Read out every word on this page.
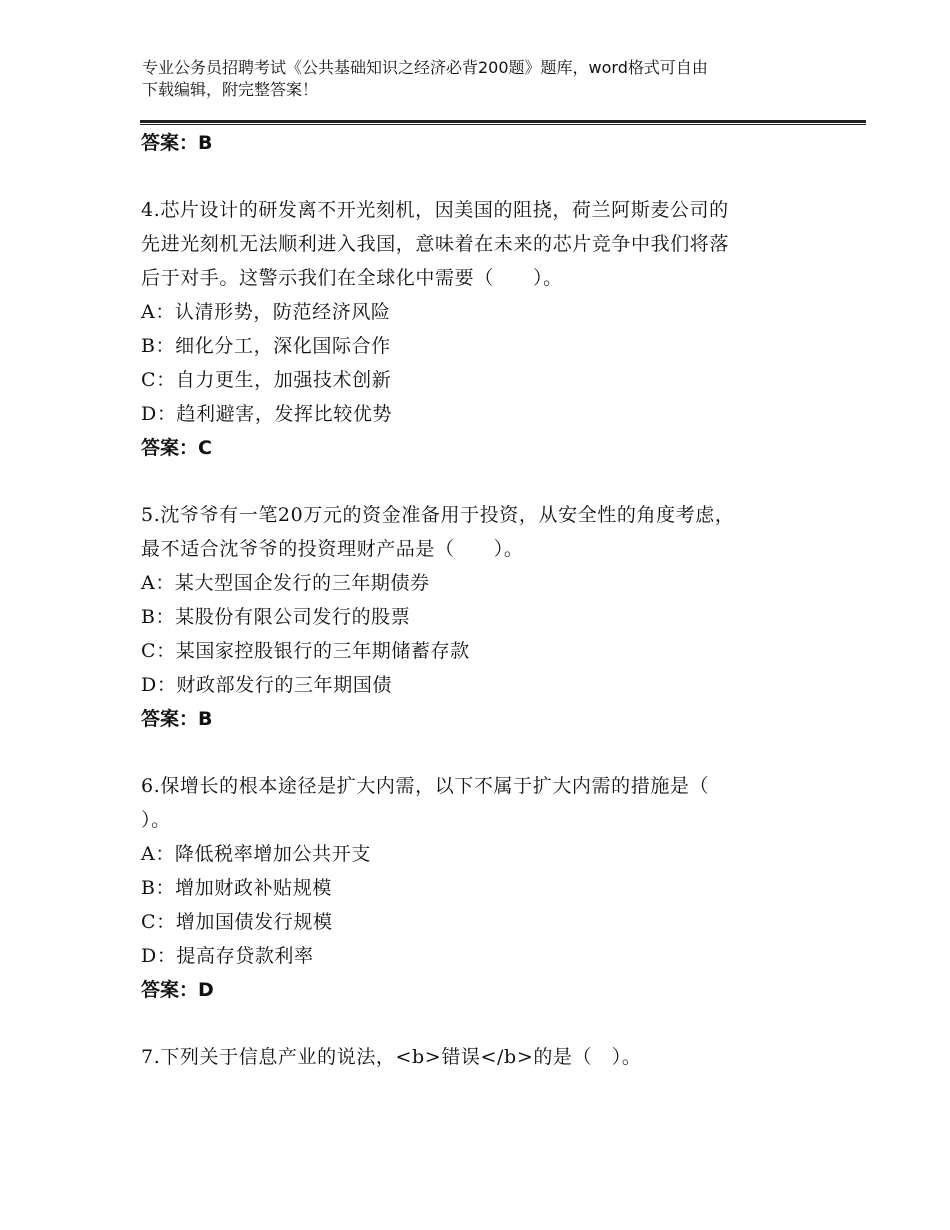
专业公务员招聘考试《公共基础知识之经济必背200题》题库，word格式可自由
下载编辑，附完整答案！
答案：B
4.芯片设计的研发离不开光刻机，因美国的阻挠，荷兰阿斯麦公司的
先进光刻机无法顺利进入我国，意味着在未来的芯片竞争中我们将落
后于对手。这警示我们在全球化中需要（　　）。
A：认清形势，防范经济风险
B：细化分工，深化国际合作
C：自力更生，加强技术创新
D：趋利避害，发挥比较优势
答案：C
5.沈爷爷有一笔20万元的资金准备用于投资，从安全性的角度考虑，
最不适合沈爷爷的投资理财产品是（　　）。
A：某大型国企发行的三年期债券
B：某股份有限公司发行的股票
C：某国家控股银行的三年期储蓄存款
D：财政部发行的三年期国债
答案：B
6.保增长的根本途径是扩大内需，以下不属于扩大内需的措施是（
）。
A：降低税率增加公共开支
B：增加财政补贴规模
C：增加国债发行规模
D：提高存贷款利率
答案：D
7.下列关于信息产业的说法，<b>错误</b>的是（　）。
